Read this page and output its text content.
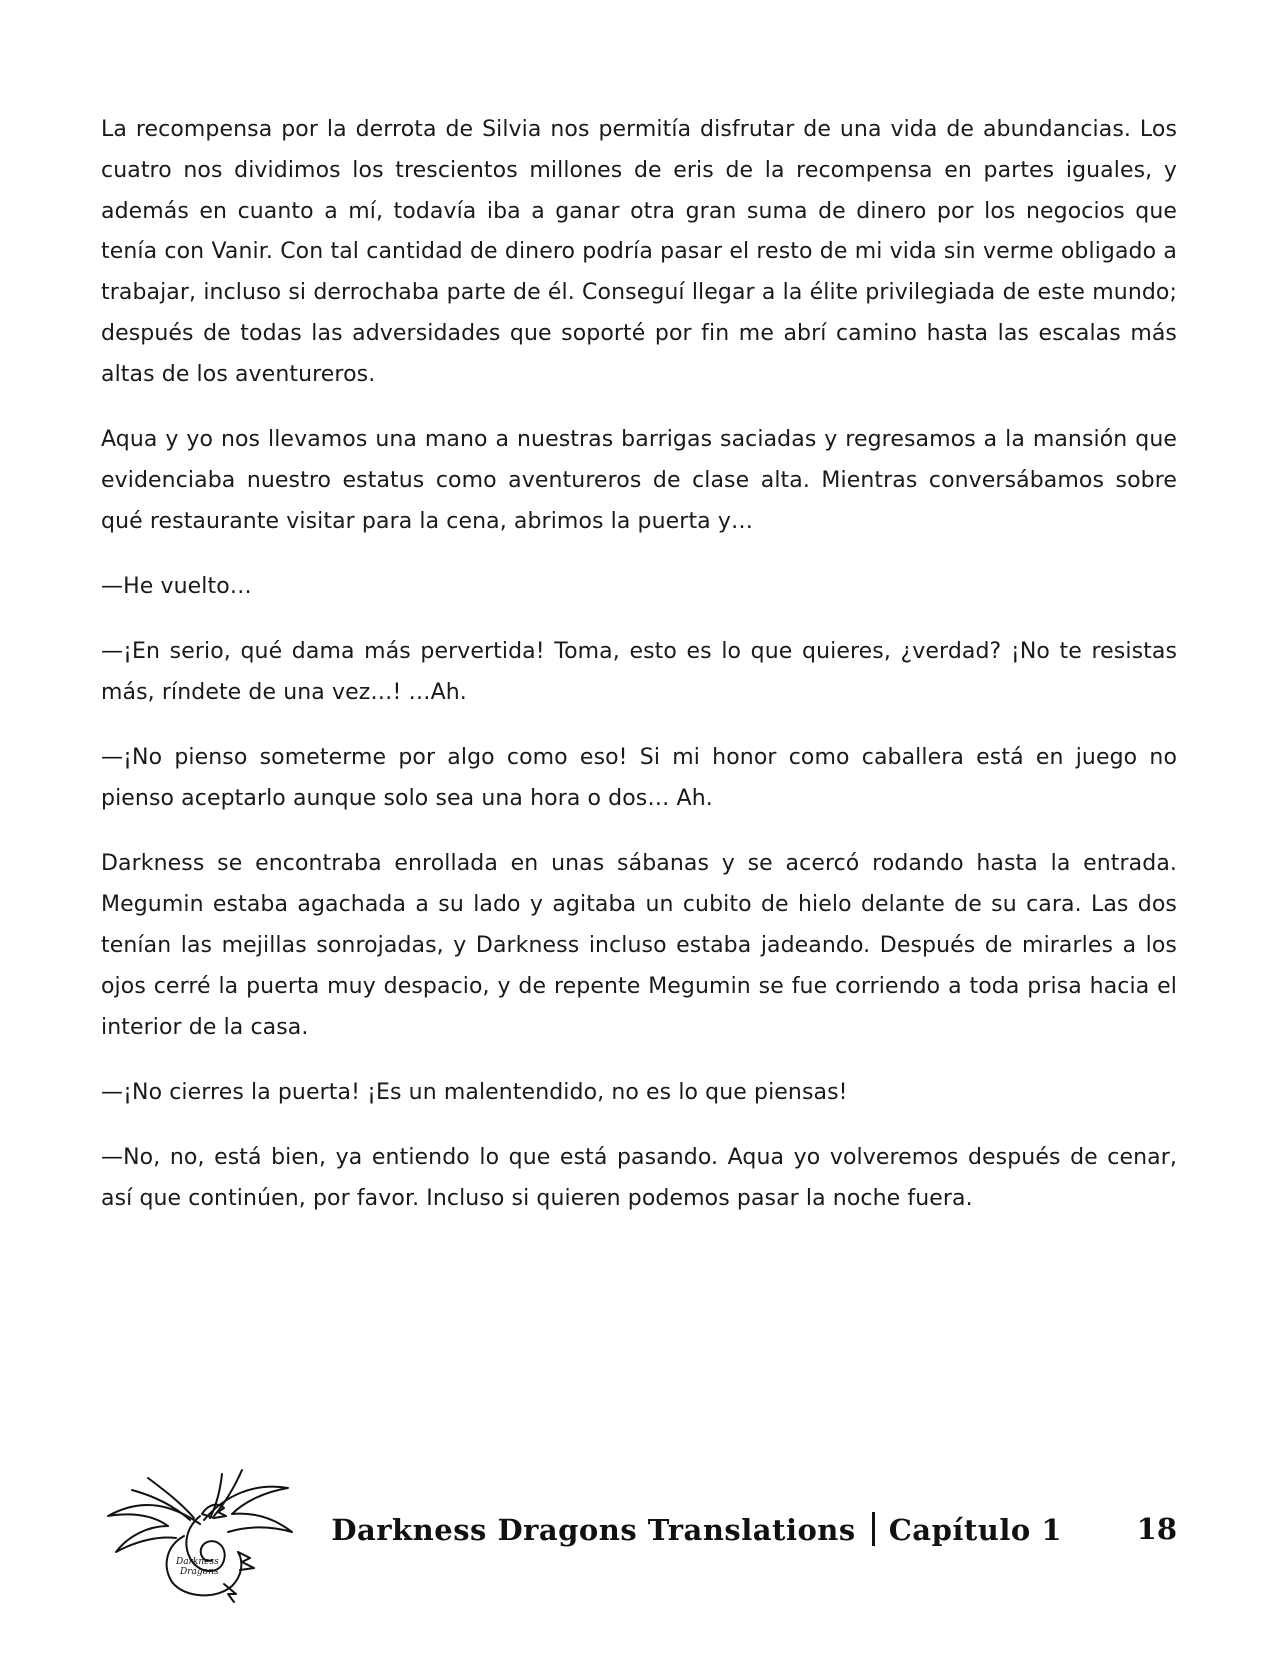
La recompensa por la derrota de Silvia nos permitía disfrutar de una vida de abundancias. Los cuatro nos dividimos los trescientos millones de eris de la recompensa en partes iguales, y además en cuanto a mí, todavía iba a ganar otra gran suma de dinero por los negocios que tenía con Vanir. Con tal cantidad de dinero podría pasar el resto de mi vida sin verme obligado a trabajar, incluso si derrochaba parte de él. Conseguí llegar a la élite privilegiada de este mundo; después de todas las adversidades que soporté por fin me abrí camino hasta las escalas más altas de los aventureros.

Aqua y yo nos llevamos una mano a nuestras barrigas saciadas y regresamos a la mansión que evidenciaba nuestro estatus como aventureros de clase alta. Mientras conversábamos sobre qué restaurante visitar para la cena, abrimos la puerta y…

—He vuelto…

—¡En serio, qué dama más pervertida! Toma, esto es lo que quieres, ¿verdad? ¡No te resistas más, ríndete de una vez…! …Ah.

—¡No pienso someterme por algo como eso! Si mi honor como caballera está en juego no pienso aceptarlo aunque solo sea una hora o dos… Ah.

Darkness se encontraba enrollada en unas sábanas y se acercó rodando hasta la entrada. Megumin estaba agachada a su lado y agitaba un cubito de hielo delante de su cara. Las dos tenían las mejillas sonrojadas, y Darkness incluso estaba jadeando. Después de mirarles a los ojos cerré la puerta muy despacio, y de repente Megumin se fue corriendo a toda prisa hacia el interior de la casa.

—¡No cierres la puerta! ¡Es un malentendido, no es lo que piensas!

—No, no, está bien, ya entiendo lo que está pasando. Aqua yo volveremos después de cenar, así que continúen, por favor. Incluso si quieren podemos pasar la noche fuera.

Darkness
Dragons
Darkness Dragons Translations Capítulo 1	18
